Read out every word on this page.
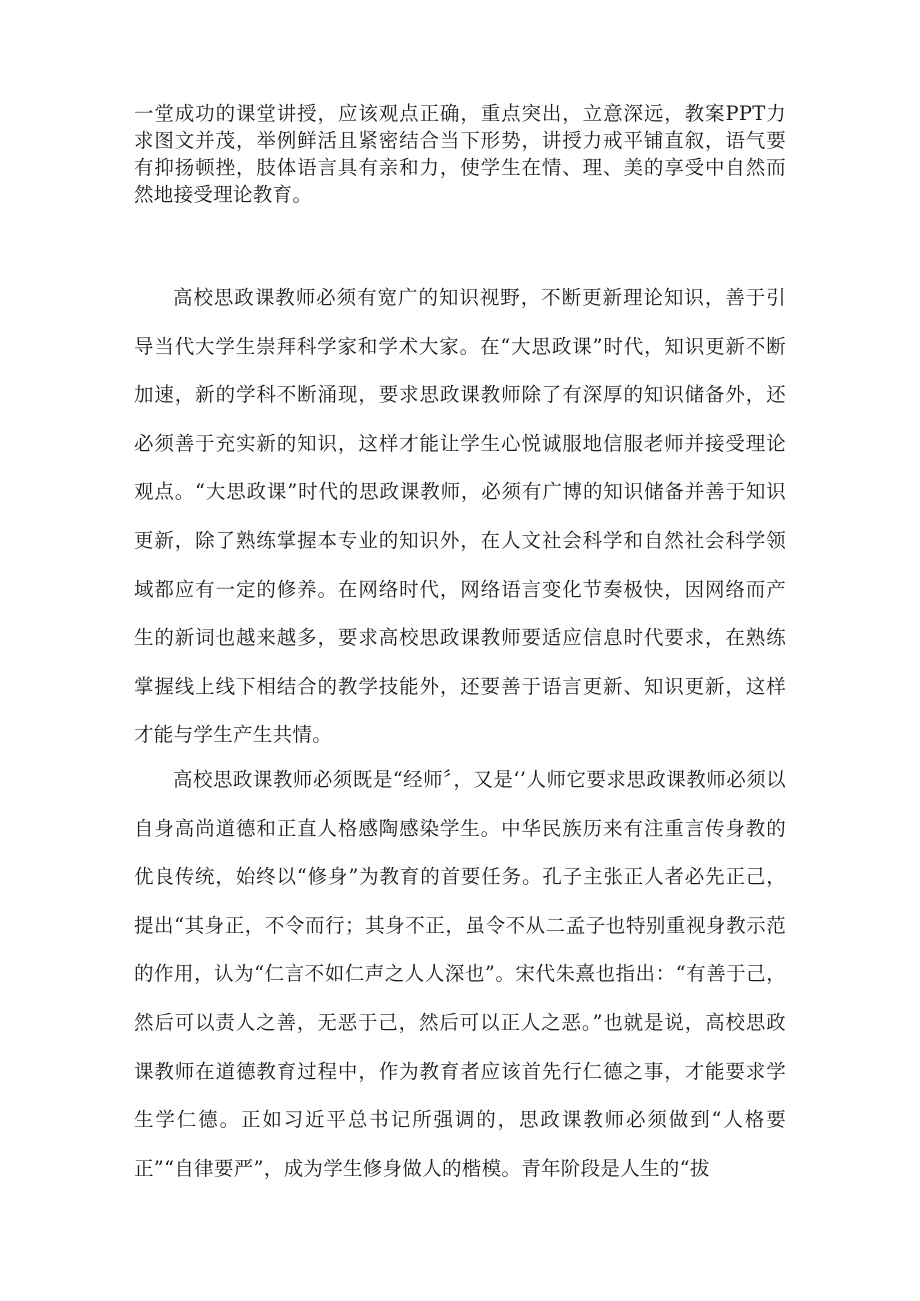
一堂成功的课堂讲授，应该观点正确，重点突出，立意深远，教案PPT力求图文并茂，举例鲜活且紧密结合当下形势，讲授力戒平铺直叙，语气要有抑扬顿挫，肢体语言具有亲和力，使学生在情、理、美的享受中自然而然地接受理论教育。

高校思政课教师必须有宽广的知识视野，不断更新理论知识，善于引导当代大学生崇拜科学家和学术大家。在“大思政课”时代，知识更新不断加速，新的学科不断涌现，要求思政课教师除了有深厚的知识储备外，还必须善于充实新的知识，这样才能让学生心悦诚服地信服老师并接受理论观点。“大思政课”时代的思政课教师，必须有广博的知识储备并善于知识更新，除了熟练掌握本专业的知识外，在人文社会科学和自然社会科学领域都应有一定的修养。在网络时代，网络语言变化节奏极快，因网络而产生的新词也越来越多，要求高校思政课教师要适应信息时代要求，在熟练掌握线上线下相结合的教学技能外，还要善于语言更新、知识更新，这样才能与学生产生共情。

高校思政课教师必须既是“经师〞，又是‘’人师它要求思政课教师必须以自身高尚道德和正直人格感陶感染学生。中华民族历来有注重言传身教的优良传统，始终以“修身”为教育的首要任务。孔子主张正人者必先正己，提出“其身正，不令而行；其身不正，虽令不从二孟子也特别重视身教示范的作用，认为“仁言不如仁声之人人深也”。宋代朱熹也指出：“有善于己，然后可以责人之善，无恶于己，然后可以正人之恶。”也就是说，高校思政课教师在道德教育过程中，作为教育者应该首先行仁德之事，才能要求学生学仁德。正如习近平总书记所强调的，思政课教师必须做到“人格要正”“自律要严”，成为学生修身做人的楷模。青年阶段是人生的“拔
